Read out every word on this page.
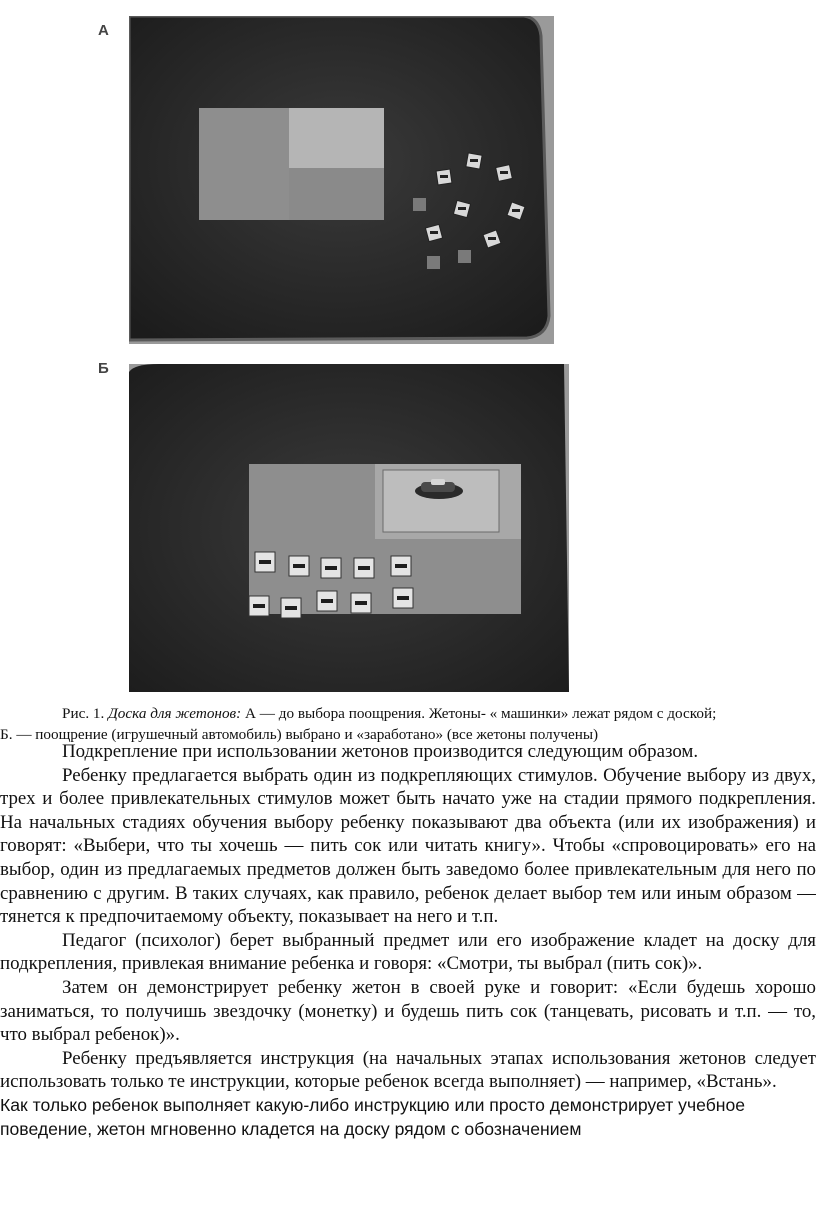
А
Б

Рис. 1. Доска для жетонов: А — до выбора поощрения. Жетоны- « машинки» лежат рядом с доской;

Б. — поощрение (игрушечный автомобиль) выбрано и «заработано» (все жетоны получены)

Подкрепление при использовании жетонов производится следующим образом.

Ребенку предлагается выбрать один из подкрепляющих стимулов. Обучение выбору из двух, трех и более привлекательных стимулов может быть начато уже на стадии прямого подкрепления. На начальных стадиях обучения выбору ребенку показывают два объекта (или их изображения) и говорят: «Выбери, что ты хочешь — пить сок или читать книгу». Чтобы «спровоцировать» его на выбор, один из предлагаемых предметов должен быть заведомо более привлекательным для него по сравнению с другим. В таких случаях, как правило, ребенок делает выбор тем или иным образом — тянется к предпочитаемому объекту, показывает на него и т.п.

Педагог (психолог) берет выбранный предмет или его изображение кладет на доску для подкрепления, привлекая внимание ребенка и говоря: «Смотри, ты выбрал (пить сок)».

Затем он демонстрирует ребенку жетон в своей руке и говорит: «Если будешь хорошо заниматься, то получишь звездочку (монетку) и будешь пить сок (танцевать, рисовать и т.п. — то, что выбрал ребенок)».

Ребенку предъявляется инструкция (на начальных этапах использования жетонов следует использовать только те инструкции, которые ребенок всегда выполняет) — например, «Встань».

Как только ребенок выполняет какую-либо инструкцию или просто демонстрирует учебное поведение, жетон мгновенно кладется на доску рядом с обозначением
